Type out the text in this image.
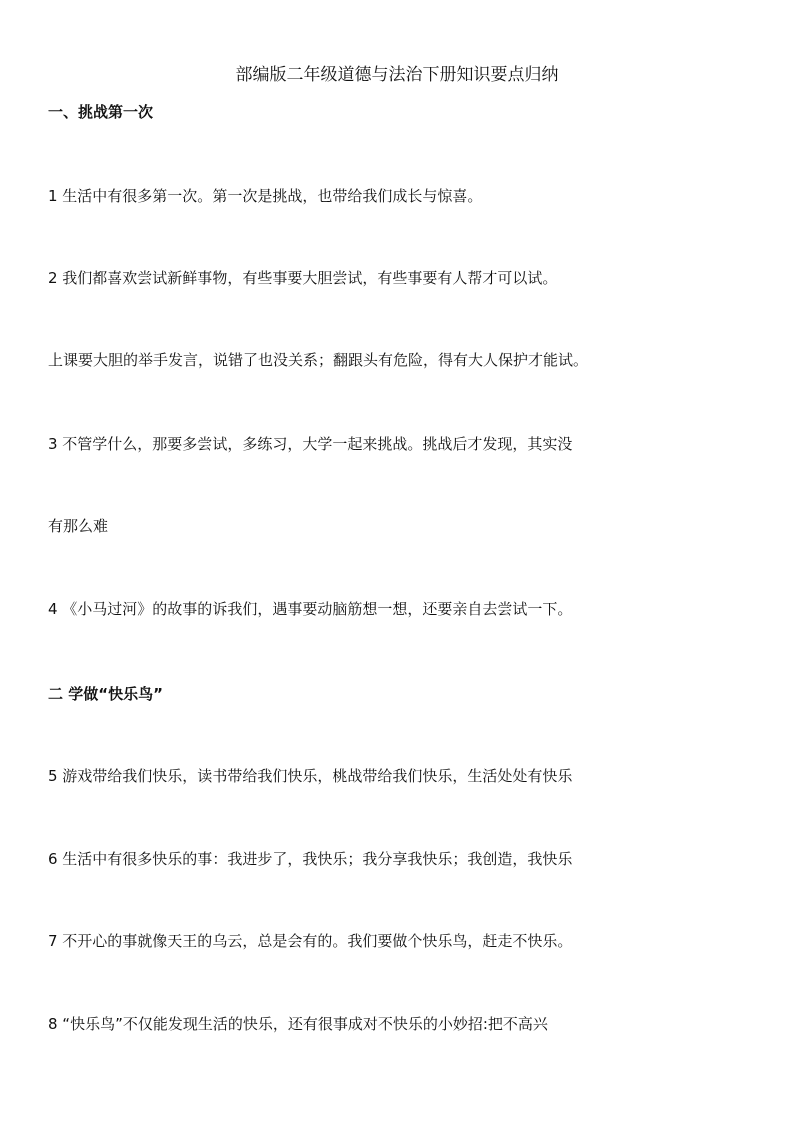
部编版二年级道德与法治下册知识要点归纳
一、挑战第一次

1 生活中有很多第一次。第一次是挑战，也带给我们成长与惊喜。

2 我们都喜欢尝试新鲜事物，有些事要大胆尝试，有些事要有人帮才可以试。

上课要大胆的举手发言，说错了也没关系；翻跟头有危险，得有大人保护才能试。

3 不管学什么，那要多尝试，多练习，大学一起来挑战。挑战后才发现，其实没

有那么难

4 《小马过河》的故事的诉我们，遇事要动脑筋想一想，还要亲自去尝试一下。

二 学做“快乐鸟”

5 游戏带给我们快乐，读书带给我们快乐，桃战带给我们快乐，生活处处有快乐

6 生活中有很多快乐的事：我进步了，我快乐；我分享我快乐；我创造，我快乐

7 不开心的事就像天王的乌云，总是会有的。我们要做个快乐鸟，赶走不快乐。

8 “快乐鸟”不仅能发现生活的快乐，还有很事成对不快乐的小妙招:把不高兴
